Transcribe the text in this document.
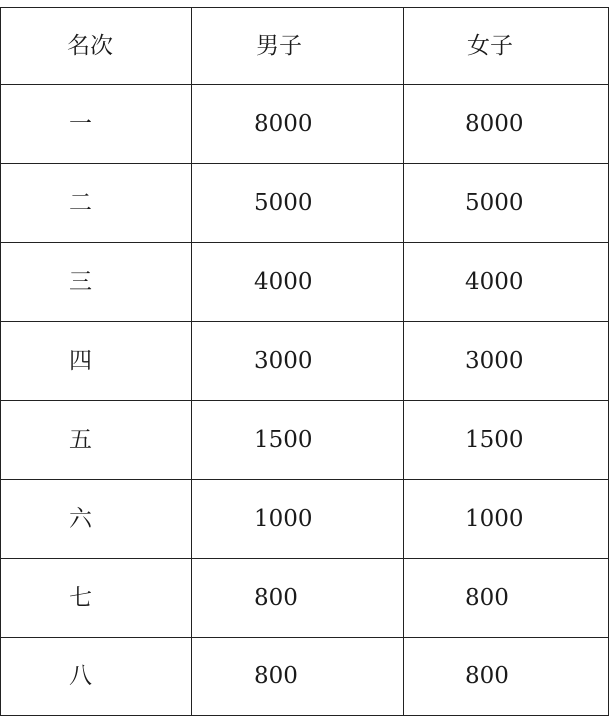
名次	男子	女子
一	8000	8000
二	5000	5000
三	4000	4000
四	3000	3000
五	1500	1500
六	1000	1000
七	800	800
八	800	800
